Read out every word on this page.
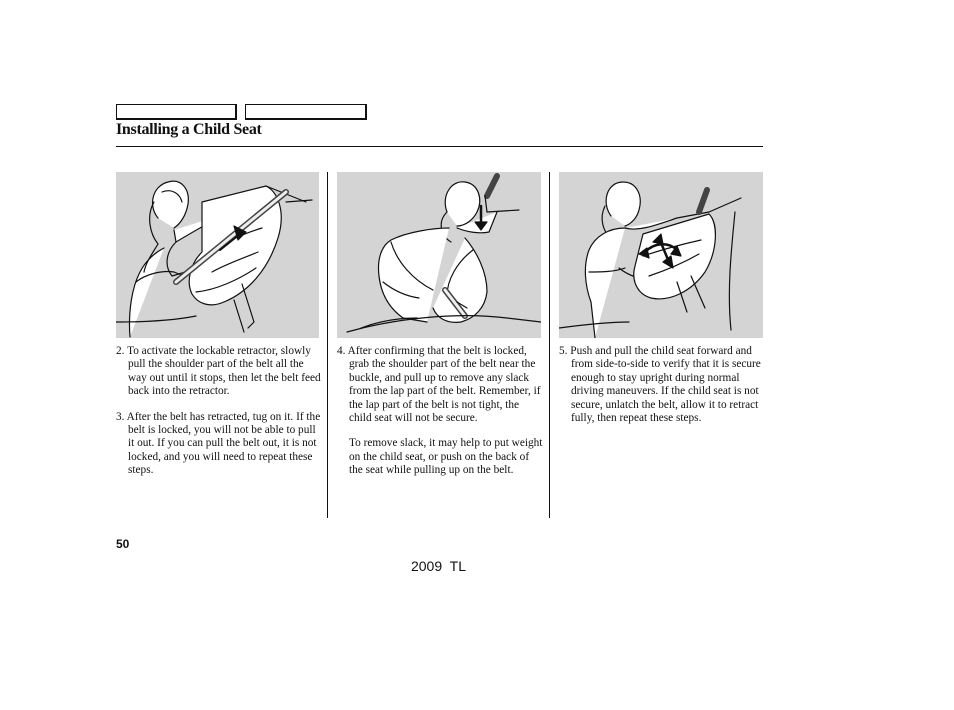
Installing a Child Seat

2. To activate the lockable retractor, slowly pull the shoulder part of the belt all the way out until it stops, then let the belt feed back into the retractor.

3. After the belt has retracted, tug on it. If the belt is locked, you will not be able to pull it out. If you can pull the belt out, it is not locked, and you will need to repeat these steps.

4. After confirming that the belt is locked, grab the shoulder part of the belt near the buckle, and pull up to remove any slack from the lap part of the belt. Remember, if the lap part of the belt is not tight, the child seat will not be secure.

To remove slack, it may help to put weight on the child seat, or push on the back of the seat while pulling up on the belt.

5. Push and pull the child seat forward and from side-to-side to verify that it is secure enough to stay upright during normal driving maneuvers. If the child seat is not secure, unlatch the belt, allow it to retract fully, then repeat these steps.

50
2009  TL
